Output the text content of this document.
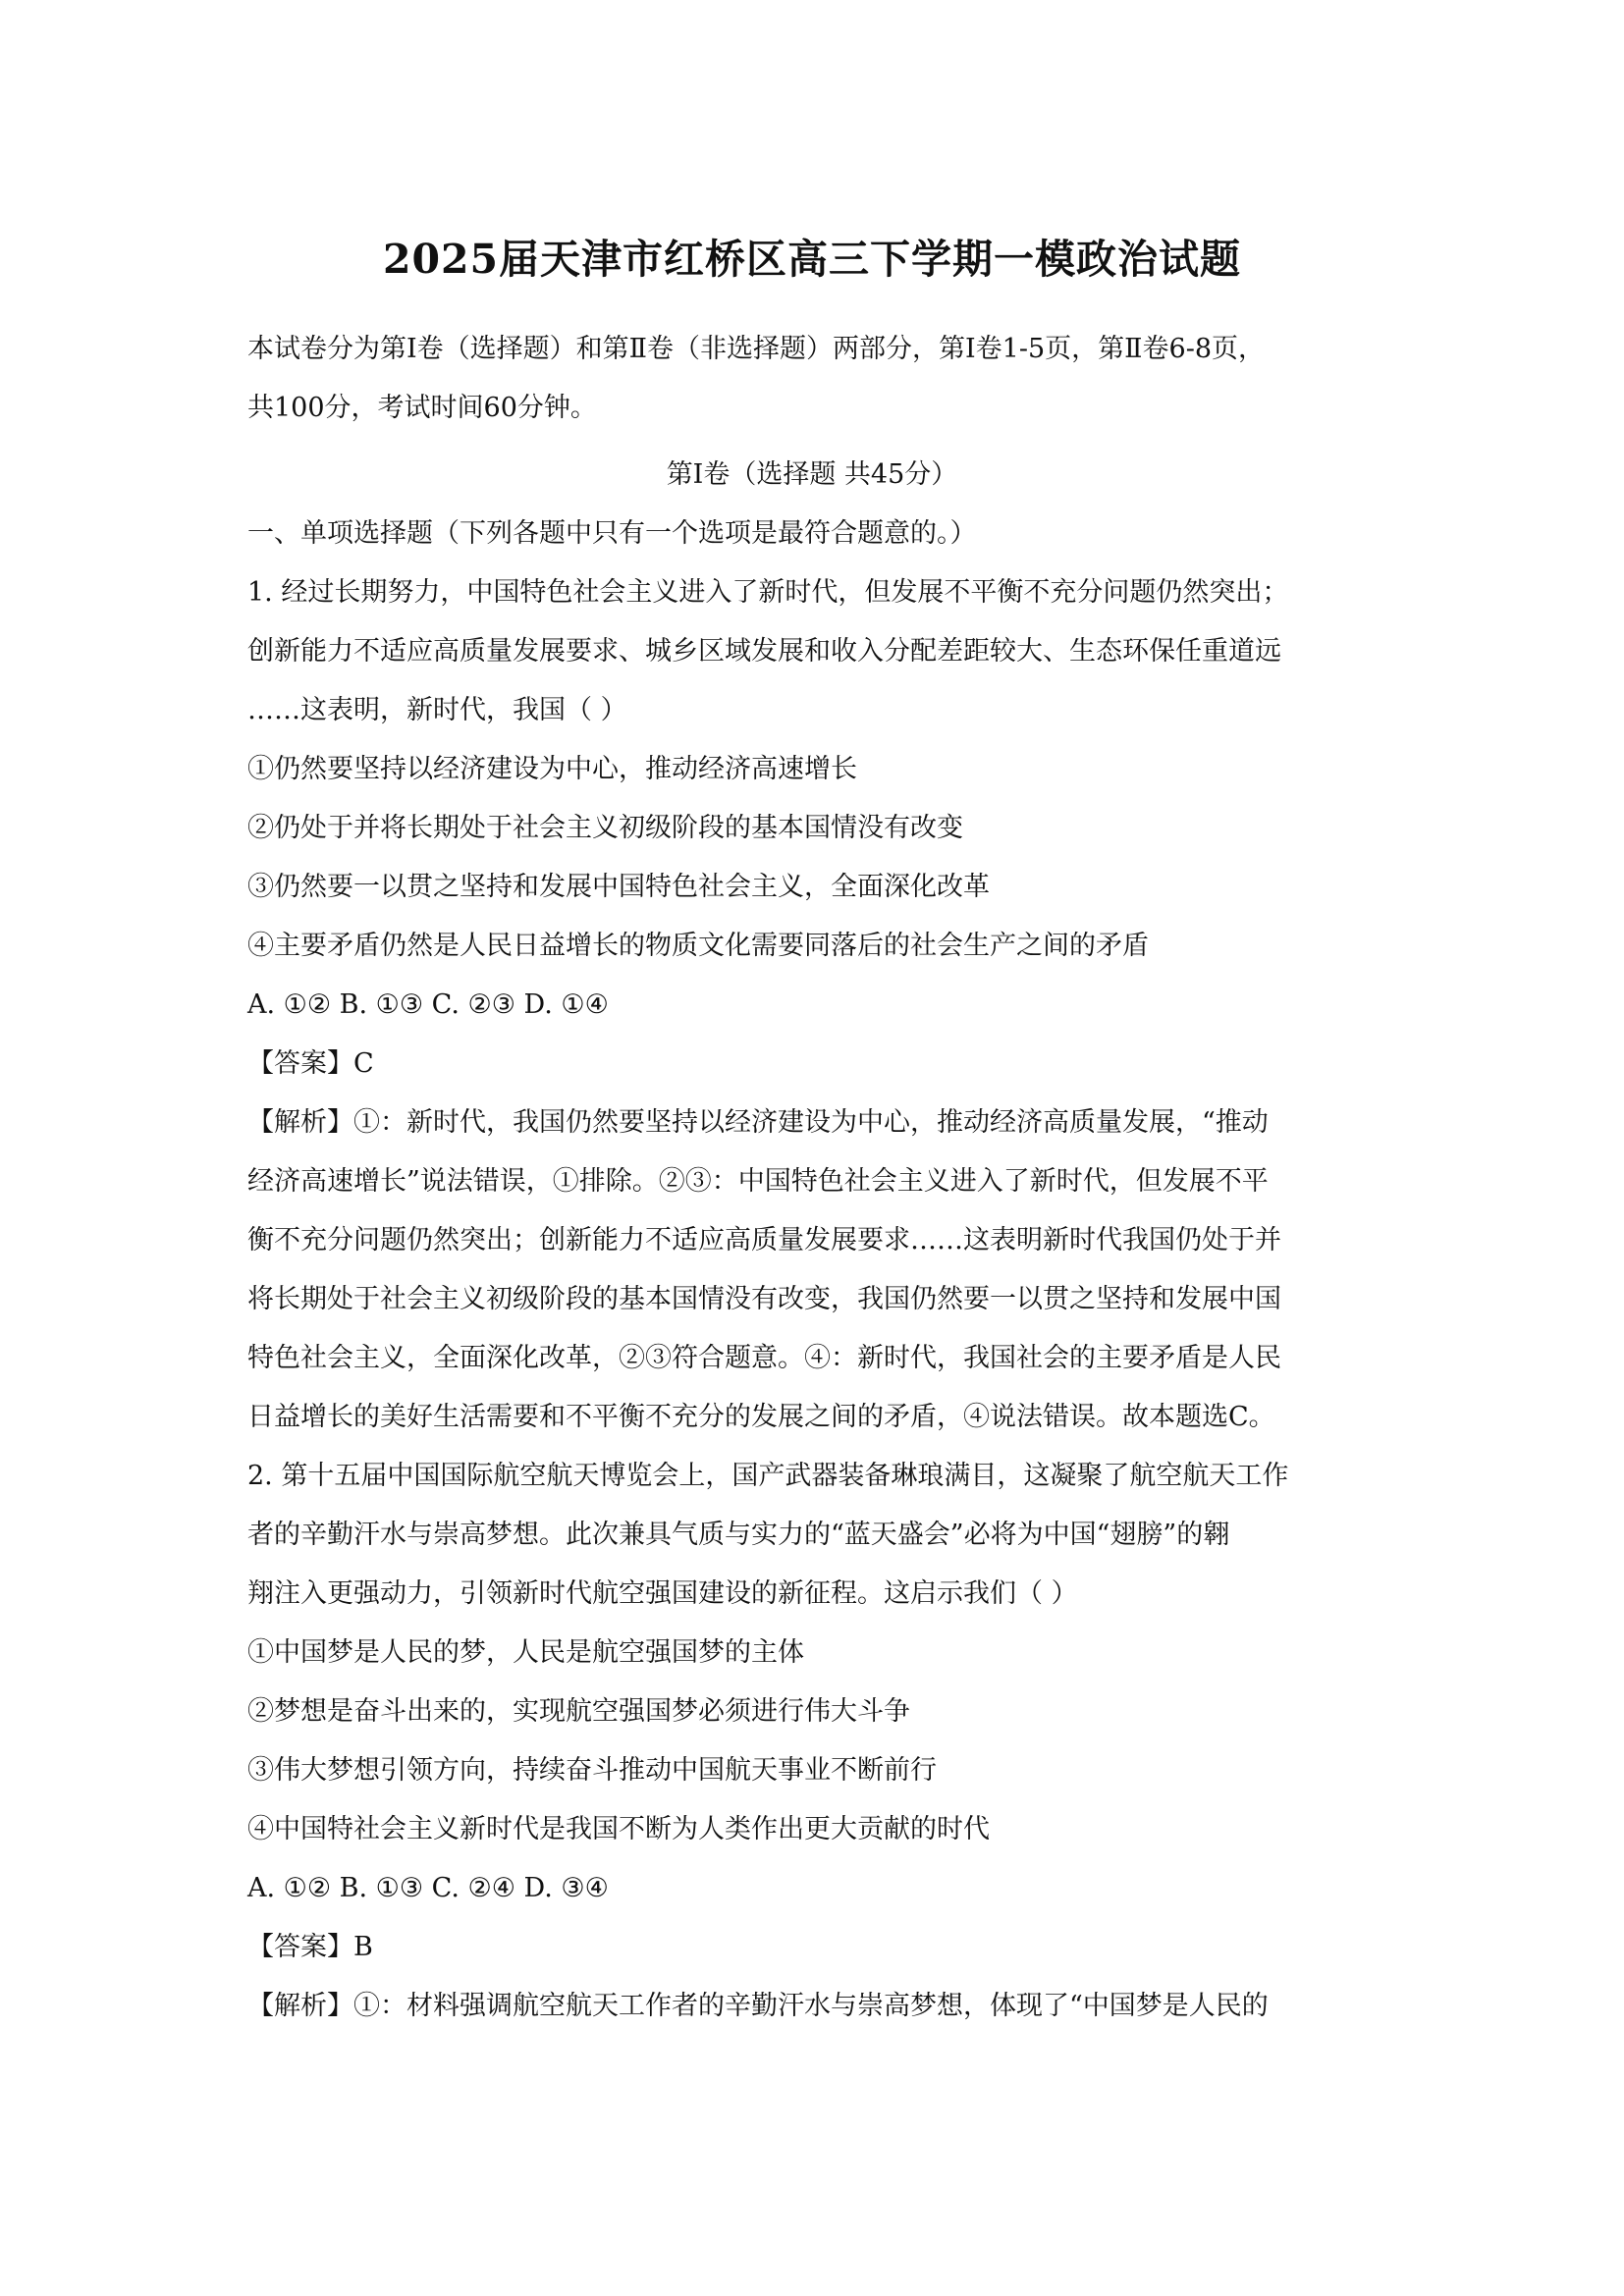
2025届天津市红桥区高三下学期一模政治试题
本试卷分为第Ⅰ卷（选择题）和第Ⅱ卷（非选择题）两部分，第Ⅰ卷1-5页，第Ⅱ卷6-8页，
共100分，考试时间60分钟。
第Ⅰ卷（选择题 共45分）
一、单项选择题（下列各题中只有一个选项是最符合题意的。）
1. 经过长期努力，中国特色社会主义进入了新时代，但发展不平衡不充分问题仍然突出；
创新能力不适应高质量发展要求、城乡区域发展和收入分配差距较大、生态环保任重道远
……这表明，新时代，我国（ ）
①仍然要坚持以经济建设为中心，推动经济高速增长
②仍处于并将长期处于社会主义初级阶段的基本国情没有改变
③仍然要一以贯之坚持和发展中国特色社会主义，全面深化改革
④主要矛盾仍然是人民日益增长的物质文化需要同落后的社会生产之间的矛盾
A. ①② B. ①③ C. ②③ D. ①④
【答案】C
【解析】①：新时代，我国仍然要坚持以经济建设为中心，推动经济高质量发展，“推动
经济高速增长”说法错误，①排除。②③：中国特色社会主义进入了新时代，但发展不平
衡不充分问题仍然突出；创新能力不适应高质量发展要求……这表明新时代我国仍处于并
将长期处于社会主义初级阶段的基本国情没有改变，我国仍然要一以贯之坚持和发展中国
特色社会主义，全面深化改革，②③符合题意。④：新时代，我国社会的主要矛盾是人民
日益增长的美好生活需要和不平衡不充分的发展之间的矛盾，④说法错误。故本题选C。
2. 第十五届中国国际航空航天博览会上，国产武器装备琳琅满目，这凝聚了航空航天工作
者的辛勤汗水与崇高梦想。此次兼具气质与实力的“蓝天盛会”必将为中国“翅膀”的翱
翔注入更强动力，引领新时代航空强国建设的新征程。这启示我们（ ）
①中国梦是人民的梦，人民是航空强国梦的主体
②梦想是奋斗出来的，实现航空强国梦必须进行伟大斗争
③伟大梦想引领方向，持续奋斗推动中国航天事业不断前行
④中国特社会主义新时代是我国不断为人类作出更大贡献的时代
A. ①② B. ①③ C. ②④ D. ③④
【答案】B
【解析】①：材料强调航空航天工作者的辛勤汗水与崇高梦想，体现了“中国梦是人民的
